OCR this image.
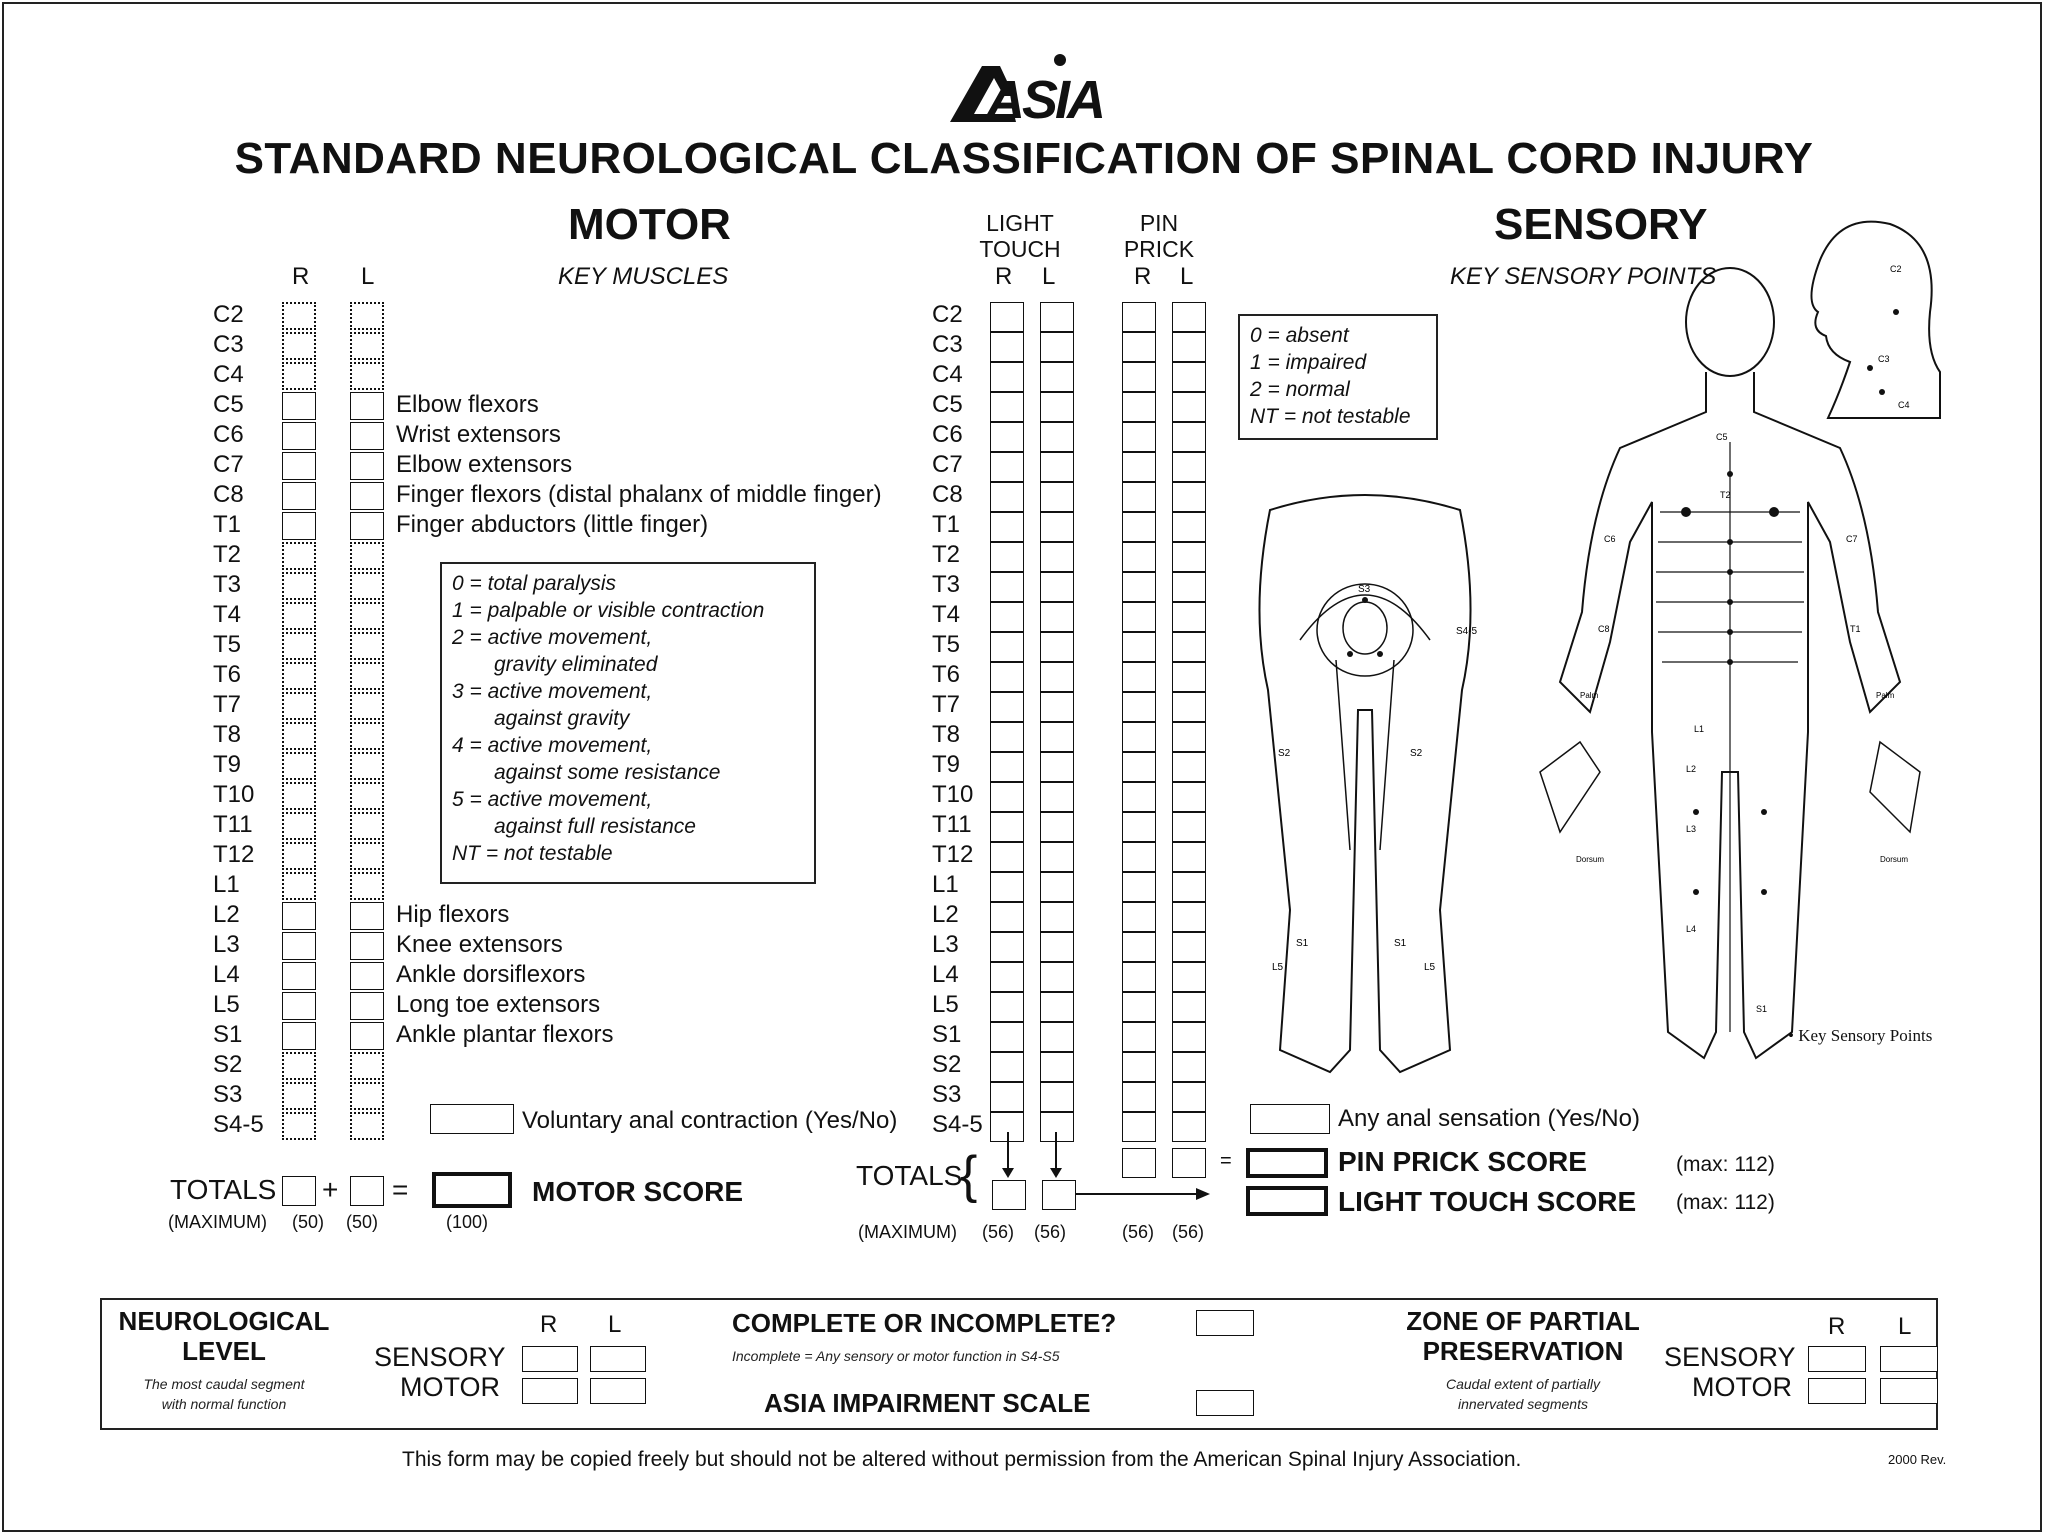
ASIA
STANDARD NEUROLOGICAL CLASSIFICATION OF SPINAL CORD INJURY
MOTOR
R L	KEY MUSCLES
C2
C3
C4
C5	Elbow flexors
C6	Wrist extensors
C7	Elbow extensors
C8	Finger flexors (distal phalanx of middle finger)
T1	Finger abductors (little finger)
T2
T3
T4
T5
T6
T7
T8
T9
T10
T11
T12
L1
L2	Hip flexors
L3	Knee extensors
L4	Ankle dorsiflexors
L5	Long toe extensors
S1	Ankle plantar flexors
S2
S3
S4-5
0 = total paralysis
1 = palpable or visible contraction
2 = active movement,
gravity eliminated
3 = active movement,
against gravity
4 = active movement,
against some resistance
5 = active movement,
against full resistance
NT = not testable
Voluntary anal contraction (Yes/No)
TOTALS + =	MOTOR SCORE
(MAXIMUM) (50) (50)	(100)
LIGHT TOUCH
PIN PRICK
R L	R L
SENSORY
KEY SENSORY POINTS
C2
C3
C4
C5
C6
C7
C8
T1
T2
T3
T4
T5
T6
T7
T8
T9
T10
T11
T12
L1
L2
L3
L4
L5
S1
S2
S3
S4-5
0 = absent
1 = impaired
2 = normal
NT = not testable
Any anal sensation (Yes/No)
TOTALS
{	=	PIN PRICK SCORE
LIGHT TOUCH SCORE
(max: 112)
(max: 112)
(MAXIMUM) (56) (56)	(56) (56)
S3
S4-5
S2	S2
S1	S1
L5	L5
C2
C3
C4
C5
T2
C6	C7
C8	T1
L1
L2
L3
L4
S1
Palm	Palm
Dorsum	Dorsum
• Key Sensory Points
NEUROLOGICAL
LEVEL
The most caudal segment
with normal function
R L
SENSORY
MOTOR
COMPLETE OR INCOMPLETE?
Incomplete = Any sensory or motor function in S4-S5
ASIA IMPAIRMENT SCALE
ZONE OF PARTIAL
PRESERVATION
Caudal extent of partially
innervated segments
R L
SENSORY
MOTOR
This form may be copied freely but should not be altered without permission from the American Spinal Injury Association.	2000 Rev.
